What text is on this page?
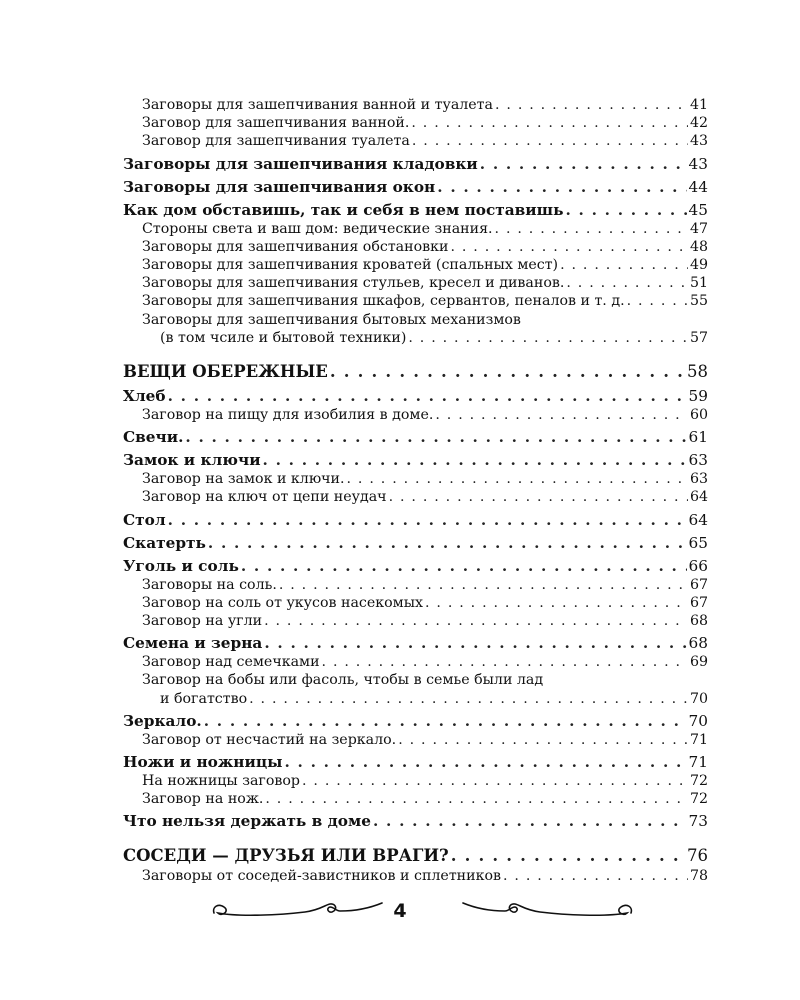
Заговоры для зашепчивания ванной и туалета . . .	41
Заговор для зашепчивания ванной. . . .	42
Заговор для зашепчивания туалета . . .	43
Заговоры для зашепчивания кладовки . . .	43
Заговоры для зашепчивания окон . . .	44
Как дом обставишь, так и себя в нем поставишь . . .	45
Стороны света и ваш дом: ведические знания. . . .	47
Заговоры для зашепчивания обстановки . . .	48
Заговоры для зашепчивания кроватей (спальных мест) . . .	49
Заговоры для зашепчивания стульев, кресел и диванов. . . .	51
Заговоры для зашепчивания шкафов, сервантов, пеналов и т. д. . . .	55
Заговоры для зашепчивания бытовых механизмов
(в том чсиле и бытовой техники) . . .	57
ВЕЩИ ОБЕРЕЖНЫЕ . . .	58
Хлеб . . .	59
Заговор на пищу для изобилия в доме. . . .	60
Свечи. . . .	61
Замок и ключи . . .	63
Заговор на замок и ключи. . . .	63
Заговор на ключ от цепи неудач . . .	64
Стол . . .	64
Скатерть . . .	65
Уголь и соль . . .	66
Заговоры на соль. . . .	67
Заговор на соль от укусов насекомых . . .	67
Заговор на угли . . .	68
Семена и зерна . . .	68
Заговор над семечками . . .	69
Заговор на бобы или фасоль, чтобы в семье были лад
и богатство . . .	70
Зеркало. . . .	70
Заговор от несчастий на зеркало. . . .	71
Ножи и ножницы . . .	71
На ножницы заговор . . .	72
Заговор на нож. . . .	72
Что нельзя держать в доме . . .	73
СОСЕДИ — ДРУЗЬЯ ИЛИ ВРАГИ? . . .	76
Заговоры от соседей-завистников и сплетников . . .	78
4
